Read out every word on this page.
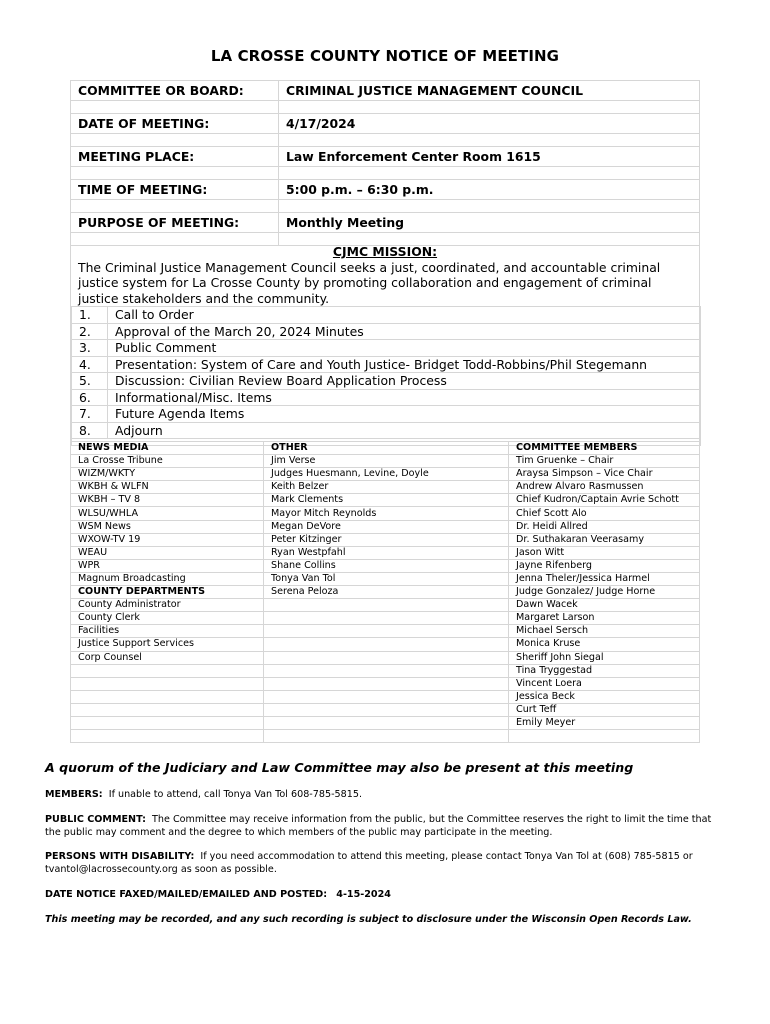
LA CROSSE COUNTY NOTICE OF MEETING
COMMITTEE OR BOARD:	CRIMINAL JUSTICE MANAGEMENT COUNCIL

DATE OF MEETING:	4/17/2024

MEETING PLACE:	Law Enforcement Center Room 1615

TIME OF MEETING:	5:00 p.m. – 6:30 p.m.

PURPOSE OF MEETING:	Monthly Meeting

CJMC MISSION:
The Criminal Justice Management Council seeks a just, coordinated, and accountable criminal justice system for La Crosse County by promoting collaboration and engagement of criminal justice stakeholders and the community.
1.	Call to Order
2.	Approval of the March 20, 2024 Minutes
3.	Public Comment
4.	Presentation: System of Care and Youth Justice- Bridget Todd-Robbins/Phil Stegemann
5.	Discussion: Civilian Review Board Application Process
6.	Informational/Misc. Items
7.	Future Agenda Items
8.	Adjourn

NEWS MEDIA	OTHER	COMMITTEE MEMBERS
La Crosse Tribune	Jim Verse	Tim Gruenke – Chair
WIZM/WKTY	Judges Huesmann, Levine, Doyle	Araysa Simpson – Vice Chair
WKBH & WLFN	Keith Belzer	Andrew Alvaro Rasmussen
WKBH – TV 8	Mark Clements	Chief Kudron/Captain Avrie Schott
WLSU/WHLA	Mayor Mitch Reynolds	Chief Scott Alo
WSM News	Megan DeVore	Dr. Heidi Allred
WXOW-TV 19	Peter Kitzinger	Dr. Suthakaran Veerasamy
WEAU	Ryan Westpfahl	Jason Witt
WPR	Shane Collins	Jayne Rifenberg
Magnum Broadcasting	Tonya Van Tol	Jenna Theler/Jessica Harmel
COUNTY DEPARTMENTS	Serena Peloza	Judge Gonzalez/ Judge Horne
County Administrator		Dawn Wacek
County Clerk		Margaret Larson
Facilities		Michael Sersch
Justice Support Services		Monica Kruse
Corp Counsel		Sheriff John Siegal
		Tina Tryggestad
		Vincent Loera
		Jessica Beck
		Curt Teff
		Emily Meyer

A quorum of the Judiciary and Law Committee may also be present at this meeting
MEMBERS: If unable to attend, call Tonya Van Tol 608-785-5815.
PUBLIC COMMENT: The Committee may receive information from the public, but the Committee reserves the right to limit the time that the public may comment and the degree to which members of the public may participate in the meeting.
PERSONS WITH DISABILITY: If you need accommodation to attend this meeting, please contact Tonya Van Tol at (608) 785-5815 or tvantol@lacrossecounty.org as soon as possible.
DATE NOTICE FAXED/MAILED/EMAILED AND POSTED: 4-15-2024
This meeting may be recorded, and any such recording is subject to disclosure under the Wisconsin Open Records Law.
